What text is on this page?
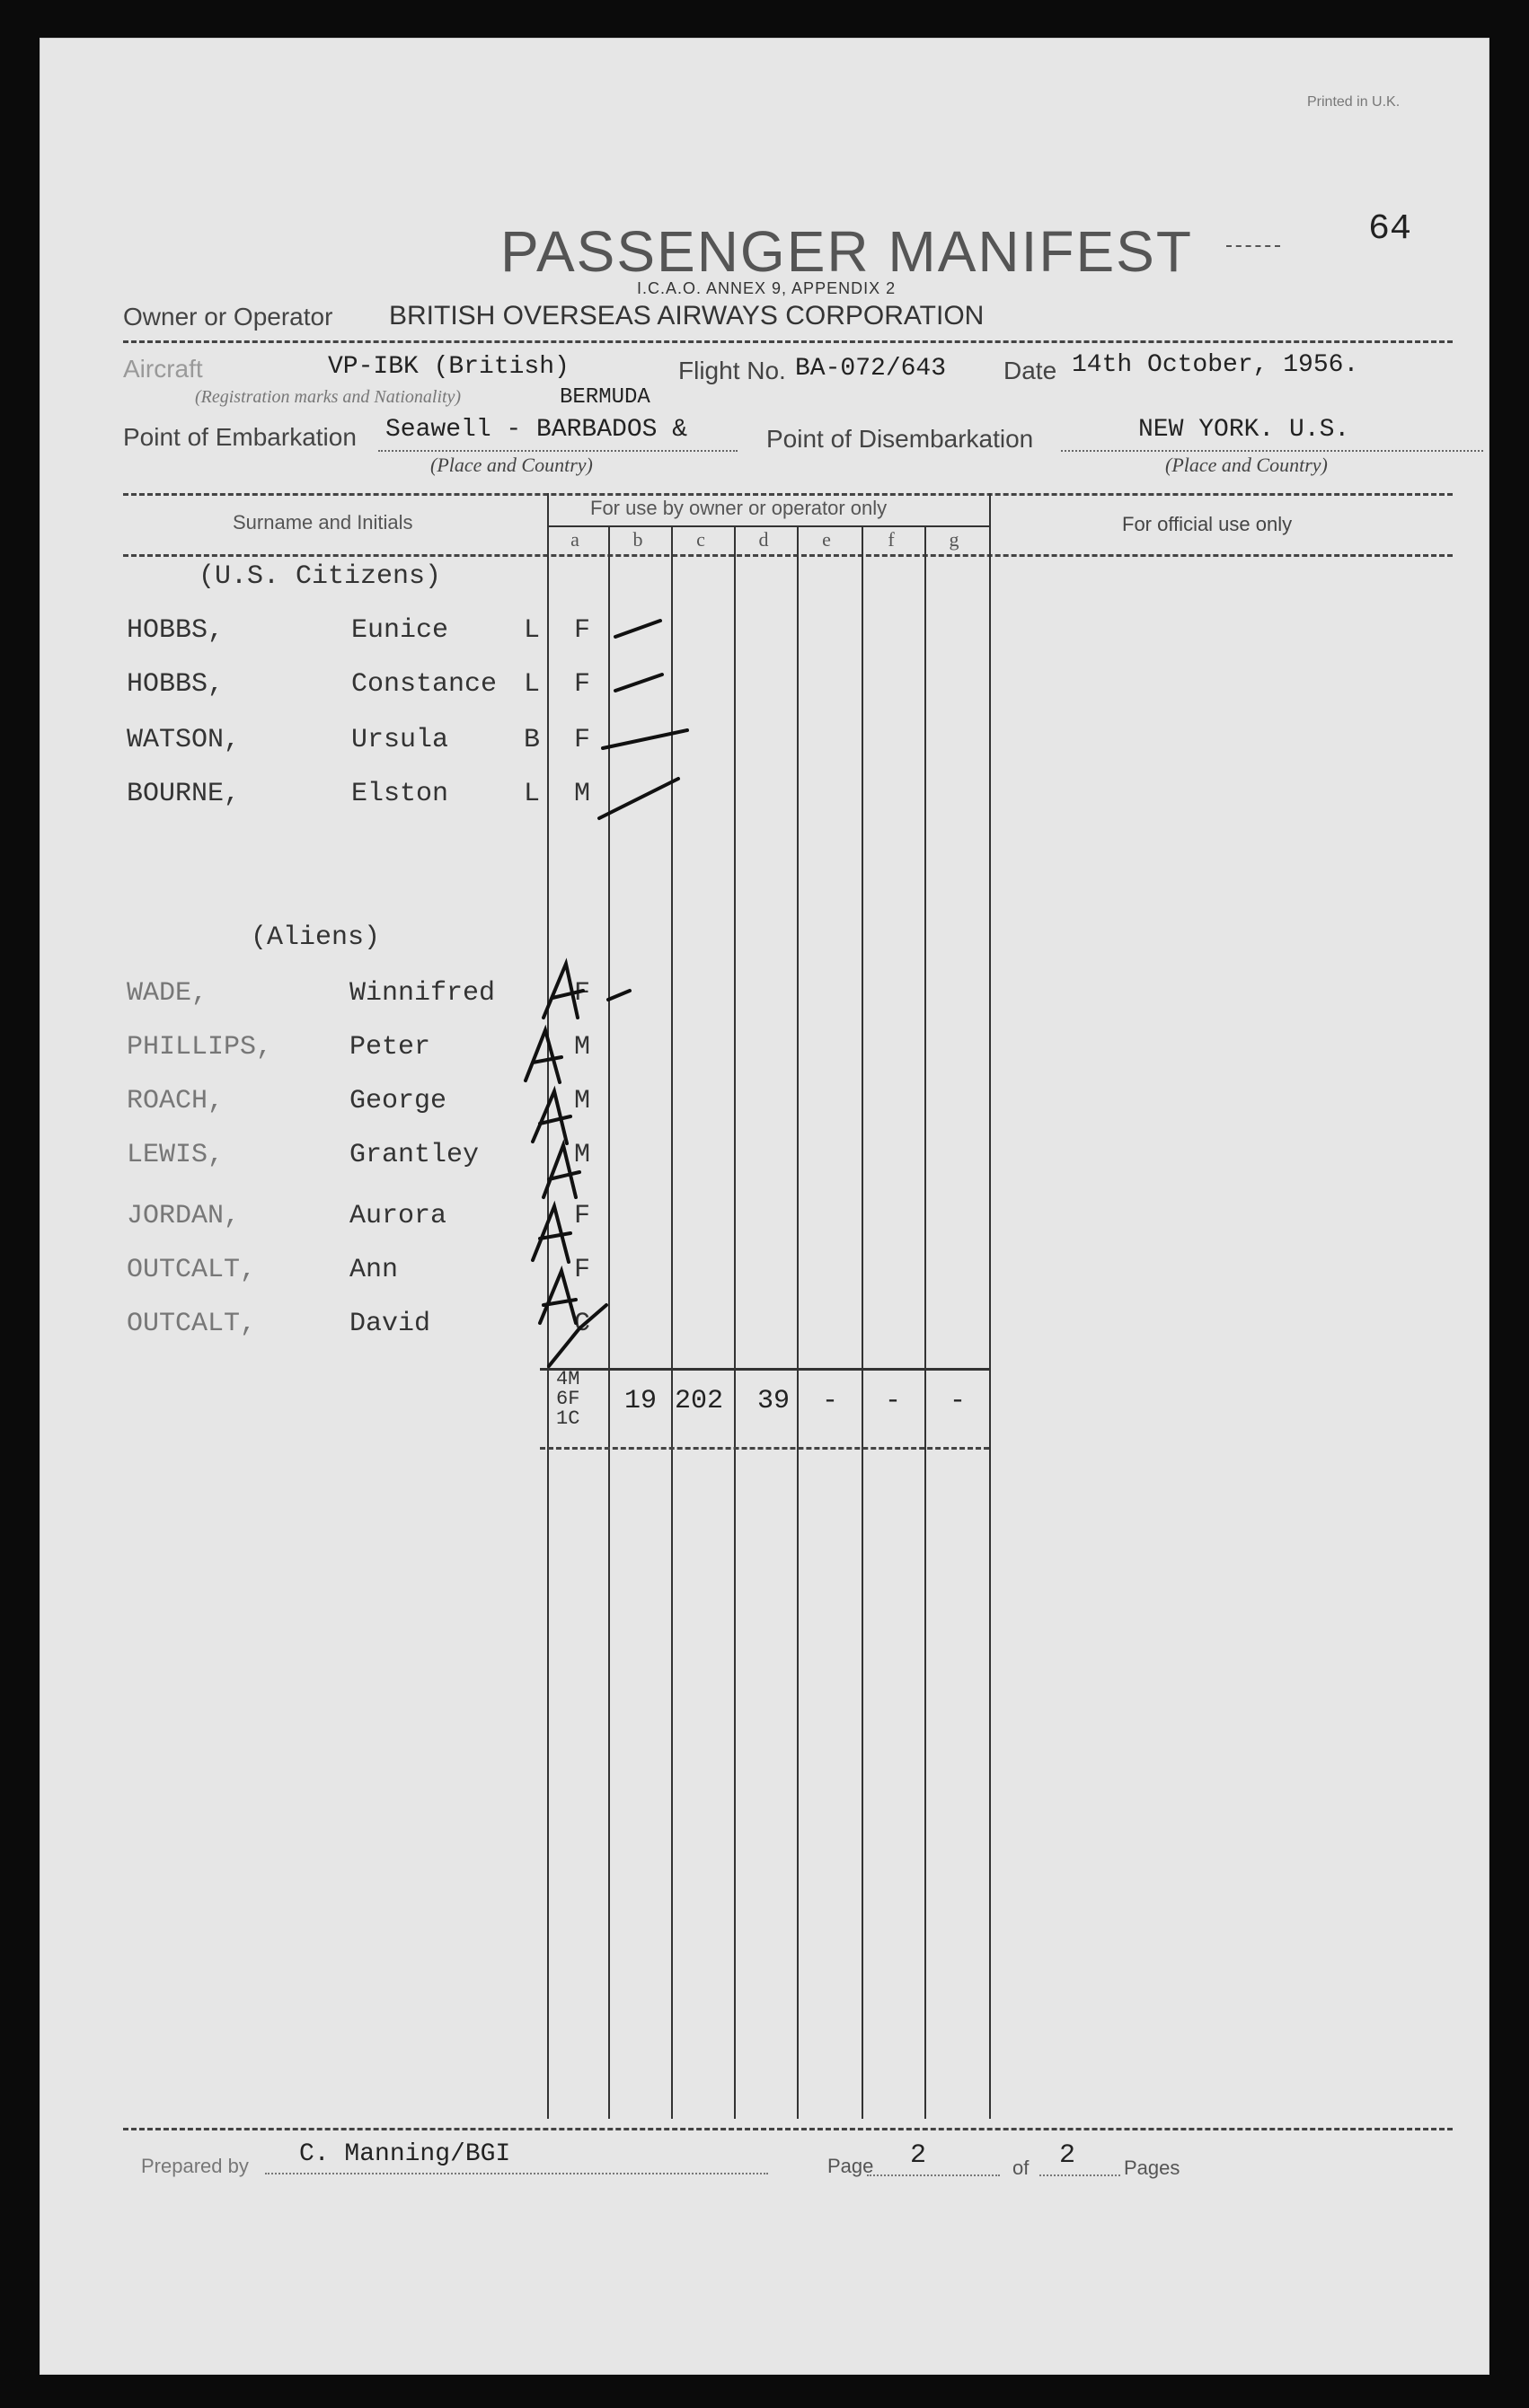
Printed in U.K.
64
PASSENGER MANIFEST
I.C.A.O. ANNEX 9, APPENDIX 2
Owner or Operator BRITISH OVERSEAS AIRWAYS CORPORATION
Aircraft	VP-IBK (British)
(Registration marks and Nationality)	BERMUDA
Flight No. BA-072/643 Date 14th October, 1956.
Point of Embarkation Seawell - BARBADOS &
(Place and Country)
Point of Disembarkation	NEW YORK. U.S.
(Place and Country)
Surname and Initials
For use by owner or operator only
For official use only
(U.S. Citizens)
HOBBS,	Eunice	L F
HOBBS,	Constance L F
WATSON,	Ursula	B F
BOURNE,	Elston	L M
(Aliens)
WADE,	Winnifred	F
PHILLIPS,	Peter	M
ROACH,	George	M
LEWIS,	Grantley	M
JORDAN,	Aurora	F
OUTCALT,	Ann	F
OUTCALT,	David	C
4M 6F 1C
19 202 39 - - -
Prepared by C. Manning/BGI	Page 2	of 2 Pages
a	b	c	d	e	f	g
